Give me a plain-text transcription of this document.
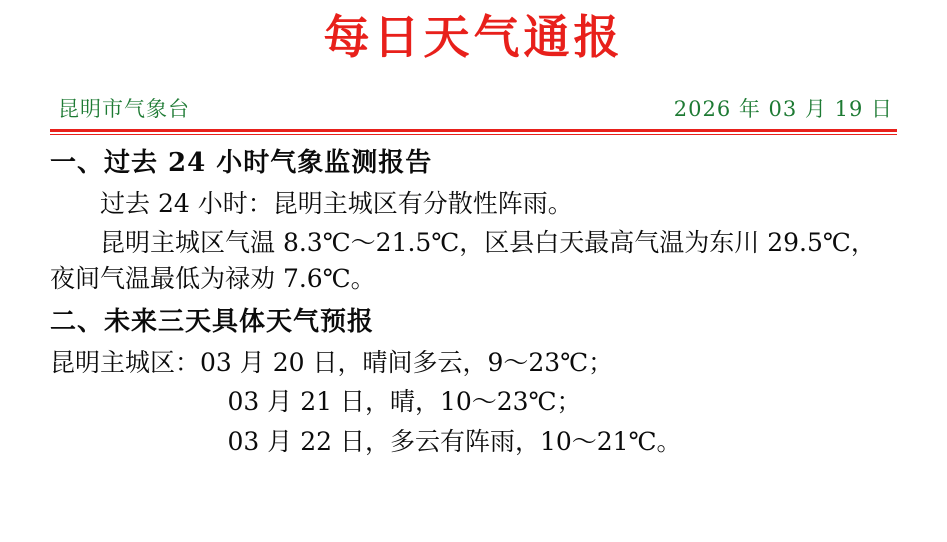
每日天气通报
昆明市气象台	2026 年 03 月 19 日
一、过去 24 小时气象监测报告
过去 24 小时：昆明主城区有分散性阵雨。
昆明主城区气温 8.3℃～21.5℃，区县白天最高气温为东川 29.5℃，夜间气温最低为禄劝 7.6℃。
二、未来三天具体天气预报
昆明主城区：03 月 20 日，晴间多云，9～23℃；
03 月 21 日，晴，10～23℃；
03 月 22 日，多云有阵雨，10～21℃。
